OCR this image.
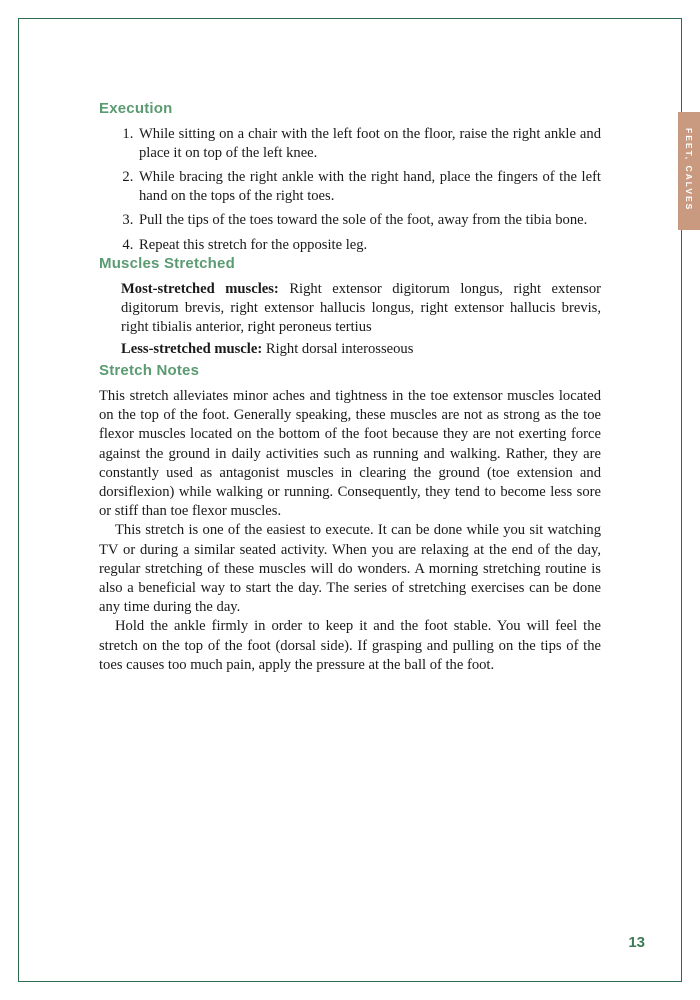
FEET, CALVES
Execution
1. While sitting on a chair with the left foot on the floor, raise the right ankle and place it on top of the left knee.
2. While bracing the right ankle with the right hand, place the fingers of the left hand on the tops of the right toes.
3. Pull the tips of the toes toward the sole of the foot, away from the tibia bone.
4. Repeat this stretch for the opposite leg.
Muscles Stretched

Most-stretched muscles: Right extensor digitorum longus, right extensor digitorum brevis, right extensor hallucis longus, right extensor hallucis brevis, right tibialis anterior, right peroneus tertius

Less-stretched muscle: Right dorsal interosseous

Stretch Notes

This stretch alleviates minor aches and tightness in the toe extensor muscles located on the top of the foot. Generally speaking, these muscles are not as strong as the toe flexor muscles located on the bottom of the foot because they are not exerting force against the ground in daily activities such as running and walking. Rather, they are constantly used as antagonist muscles in clearing the ground (toe extension and dorsiflexion) while walking or running. Consequently, they tend to become less sore or stiff than toe flexor muscles.

This stretch is one of the easiest to execute. It can be done while you sit watching TV or during a similar seated activity. When you are relaxing at the end of the day, regular stretching of these muscles will do wonders. A morning stretching routine is also a beneficial way to start the day. The series of stretching exercises can be done any time during the day.

Hold the ankle firmly in order to keep it and the foot stable. You will feel the stretch on the top of the foot (dorsal side). If grasping and pulling on the tips of the toes causes too much pain, apply the pressure at the ball of the foot.

13
